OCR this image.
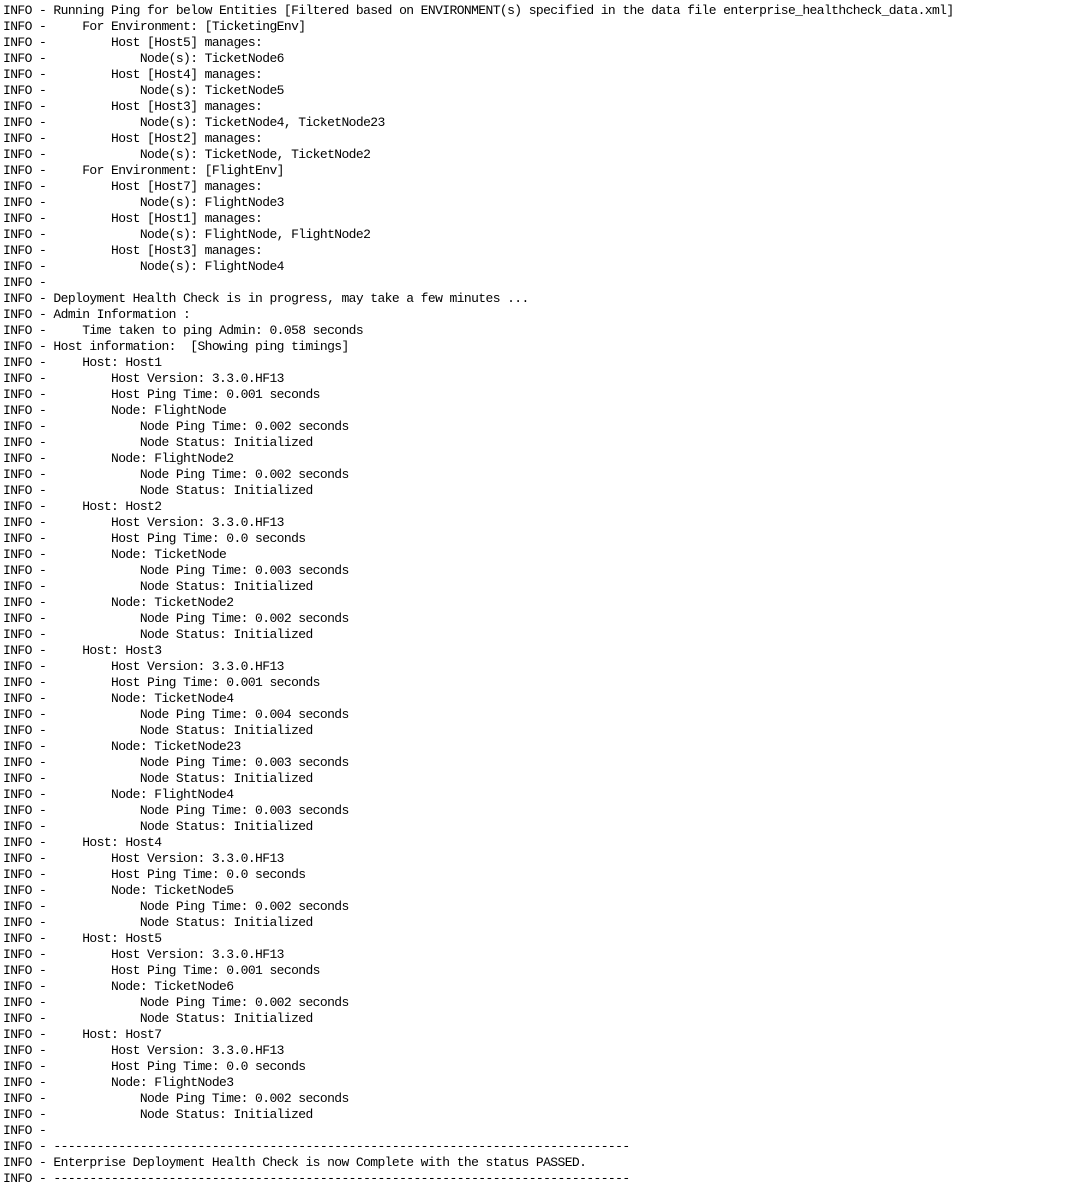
INFO - Running Ping for below Entities [Filtered based on ENVIRONMENT(s) specified in the data file enterprise_healthcheck_data.xml]
INFO -     For Environment: [TicketingEnv]
INFO -         Host [Host5] manages:
INFO -             Node(s): TicketNode6
INFO -         Host [Host4] manages:
INFO -             Node(s): TicketNode5
INFO -         Host [Host3] manages:
INFO -             Node(s): TicketNode4, TicketNode23
INFO -         Host [Host2] manages:
INFO -             Node(s): TicketNode, TicketNode2
INFO -     For Environment: [FlightEnv]
INFO -         Host [Host7] manages:
INFO -             Node(s): FlightNode3
INFO -         Host [Host1] manages:
INFO -             Node(s): FlightNode, FlightNode2
INFO -         Host [Host3] manages:
INFO -             Node(s): FlightNode4
INFO -
INFO - Deployment Health Check is in progress, may take a few minutes ...
INFO - Admin Information :
INFO -     Time taken to ping Admin: 0.058 seconds
INFO - Host information:  [Showing ping timings]
INFO -     Host: Host1
INFO -         Host Version: 3.3.0.HF13
INFO -         Host Ping Time: 0.001 seconds
INFO -         Node: FlightNode
INFO -             Node Ping Time: 0.002 seconds
INFO -             Node Status: Initialized
INFO -         Node: FlightNode2
INFO -             Node Ping Time: 0.002 seconds
INFO -             Node Status: Initialized
INFO -     Host: Host2
INFO -         Host Version: 3.3.0.HF13
INFO -         Host Ping Time: 0.0 seconds
INFO -         Node: TicketNode
INFO -             Node Ping Time: 0.003 seconds
INFO -             Node Status: Initialized
INFO -         Node: TicketNode2
INFO -             Node Ping Time: 0.002 seconds
INFO -             Node Status: Initialized
INFO -     Host: Host3
INFO -         Host Version: 3.3.0.HF13
INFO -         Host Ping Time: 0.001 seconds
INFO -         Node: TicketNode4
INFO -             Node Ping Time: 0.004 seconds
INFO -             Node Status: Initialized
INFO -         Node: TicketNode23
INFO -             Node Ping Time: 0.003 seconds
INFO -             Node Status: Initialized
INFO -         Node: FlightNode4
INFO -             Node Ping Time: 0.003 seconds
INFO -             Node Status: Initialized
INFO -     Host: Host4
INFO -         Host Version: 3.3.0.HF13
INFO -         Host Ping Time: 0.0 seconds
INFO -         Node: TicketNode5
INFO -             Node Ping Time: 0.002 seconds
INFO -             Node Status: Initialized
INFO -     Host: Host5
INFO -         Host Version: 3.3.0.HF13
INFO -         Host Ping Time: 0.001 seconds
INFO -         Node: TicketNode6
INFO -             Node Ping Time: 0.002 seconds
INFO -             Node Status: Initialized
INFO -     Host: Host7
INFO -         Host Version: 3.3.0.HF13
INFO -         Host Ping Time: 0.0 seconds
INFO -         Node: FlightNode3
INFO -             Node Ping Time: 0.002 seconds
INFO -             Node Status: Initialized
INFO -
INFO - --------------------------------------------------------------------------------
INFO - Enterprise Deployment Health Check is now Complete with the status PASSED.
INFO - --------------------------------------------------------------------------------
